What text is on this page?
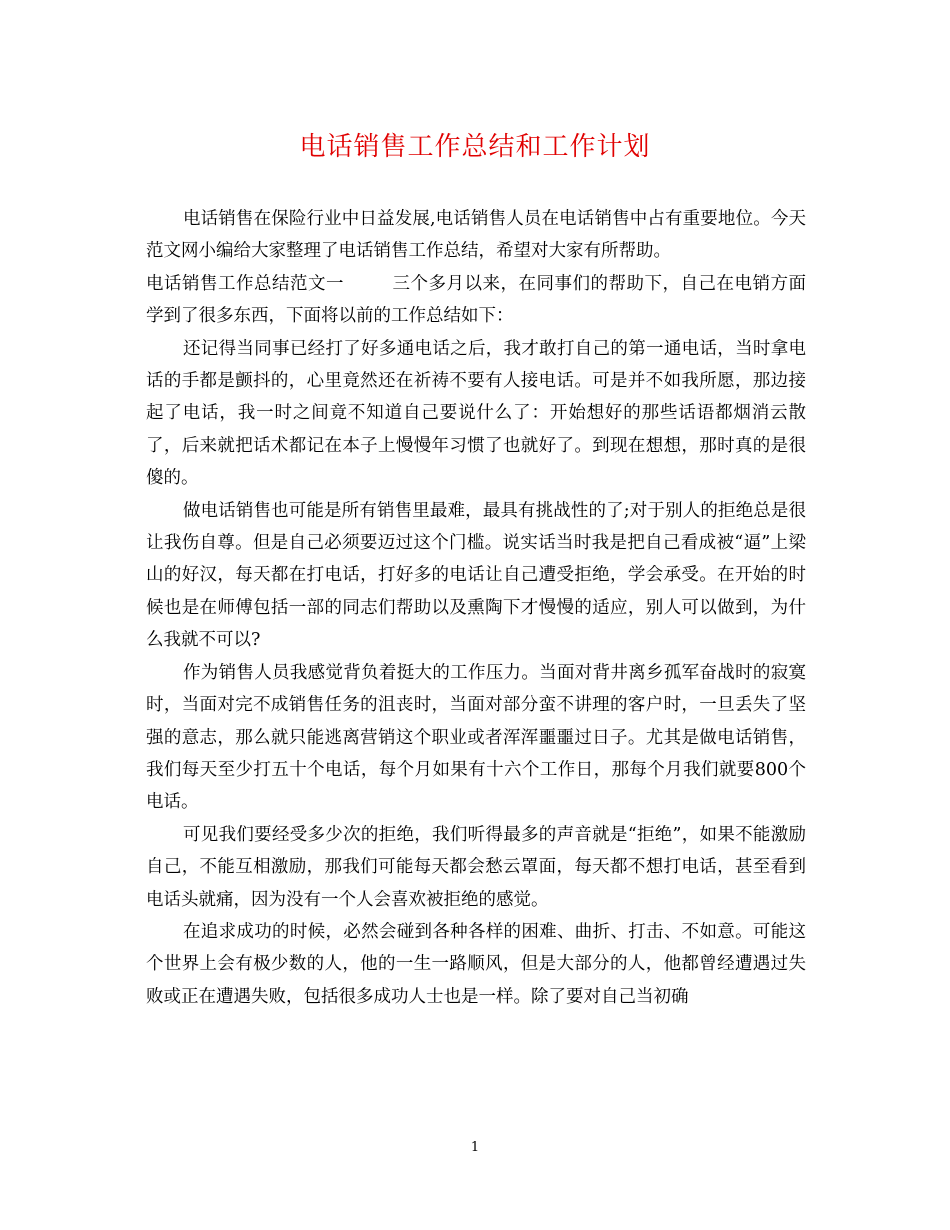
电话销售工作总结和工作计划

电话销售在保险行业中日益发展,电话销售人员在电话销售中占有重要地位。今天范文网小编给大家整理了电话销售工作总结，希望对大家有所帮助。

电话销售工作总结范文一	三个多月以来，在同事们的帮助下，自己在电销方面学到了很多东西，下面将以前的工作总结如下：

还记得当同事已经打了好多通电话之后，我才敢打自己的第一通电话，当时拿电话的手都是颤抖的，心里竟然还在祈祷不要有人接电话。可是并不如我所愿，那边接起了电话，我一时之间竟不知道自己要说什么了：开始想好的那些话语都烟消云散了，后来就把话术都记在本子上慢慢年习惯了也就好了。到现在想想，那时真的是很傻的。

做电话销售也可能是所有销售里最难，最具有挑战性的了;对于别人的拒绝总是很让我伤自尊。但是自己必须要迈过这个门槛。说实话当时我是把自己看成被“逼”上梁山的好汉，每天都在打电话，打好多的电话让自己遭受拒绝，学会承受。在开始的时候也是在师傅包括一部的同志们帮助以及熏陶下才慢慢的适应，别人可以做到，为什么我就不可以?

作为销售人员我感觉背负着挺大的工作压力。当面对背井离乡孤军奋战时的寂寞时，当面对完不成销售任务的沮丧时，当面对部分蛮不讲理的客户时，一旦丢失了坚强的意志，那么就只能逃离营销这个职业或者浑浑噩噩过日子。尤其是做电话销售，我们每天至少打五十个电话，每个月如果有十六个工作日，那每个月我们就要800个电话。

可见我们要经受多少次的拒绝，我们听得最多的声音就是“拒绝”，如果不能激励自己，不能互相激励，那我们可能每天都会愁云罩面，每天都不想打电话，甚至看到电话头就痛，因为没有一个人会喜欢被拒绝的感觉。

在追求成功的时候，必然会碰到各种各样的困难、曲折、打击、不如意。可能这个世界上会有极少数的人，他的一生一路顺风，但是大部分的人，他都曾经遭遇过失败或正在遭遇失败，包括很多成功人士也是一样。除了要对自己当初确

1
